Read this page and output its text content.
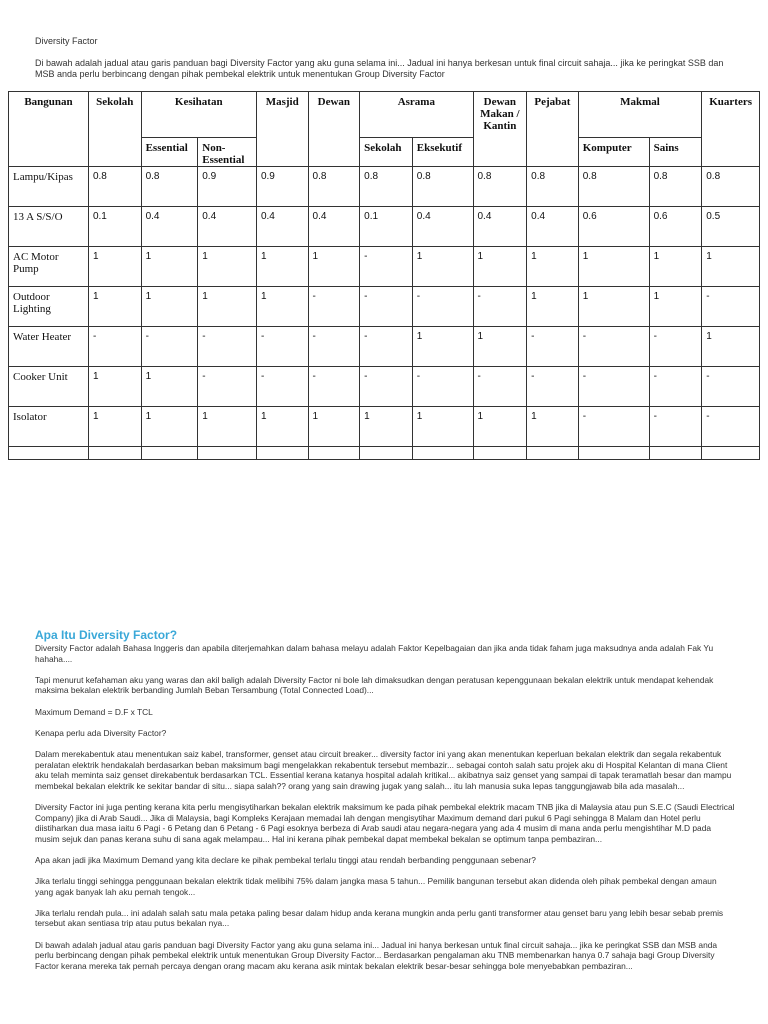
Diversity Factor
Di bawah adalah jadual atau garis panduan bagi Diversity Factor yang aku guna selama ini... Jadual ini hanya berkesan untuk final circuit sahaja... jika ke peringkat SSB dan MSB anda perlu berbincang dengan pihak pembekal elektrik untuk menentukan Group Diversity Factor
Bangunan	Sekolah	Kesihatan		Masjid	Dewan	Asrama		Dewan Makan / Kantin	Pejabat	Makmal		Kuarters
		Essential	Non-Essential			Sekolah	Eksekutif			Komputer	Sains	
Lampu/Kipas	0.8	0.8	0.9	0.9	0.8	0.8	0.8	0.8	0.8	0.8	0.8	0.8
13 A S/S/O	0.1	0.4	0.4	0.4	0.4	0.1	0.4	0.4	0.4	0.6	0.6	0.5
AC Motor Pump	1	1	1	1	1	-	1	1	1	1	1	1
Outdoor Lighting	1	1	1	1	-	-	-	-	1	1	1	-
Water Heater	-	-	-	-	-	-	1	1	-	-	-	1
Cooker Unit	1	1	-	-	-	-	-	-	-	-	-	-
Isolator	1	1	1	1	1	1	1	1	1	-	-	-

Apa Itu Diversity Factor?

Diversity Factor adalah Bahasa Inggeris dan apabila diterjemahkan dalam bahasa melayu adalah Faktor Kepelbagaian dan jika anda tidak faham juga maksudnya anda adalah Fak Yu hahaha....

Tapi menurut kefahaman aku yang waras dan akil baligh adalah Diversity Factor ni bole lah dimaksudkan dengan peratusan kepenggunaan bekalan elektrik untuk mendapat kehendak maksima bekalan elektrik berbanding Jumlah Beban Tersambung (Total Connected Load)...

Maximum Demand = D.F x TCL

Kenapa perlu ada Diversity Factor?

Dalam merekabentuk atau menentukan saiz kabel, transformer, genset atau circuit breaker... diversity factor ini yang akan menentukan keperluan bekalan elektrik dan segala rekabentuk peralatan elektrik hendakalah berdasarkan beban maksimum bagi mengelakkan rekabentuk tersebut membazir... sebagai contoh salah satu projek aku di Hospital Kelantan di mana Client aku telah meminta saiz genset direkabentuk berdasarkan TCL. Essential kerana katanya hospital adalah kritikal... akibatnya saiz genset yang sampai di tapak teramatlah besar dan mampu membekal bekalan elektrik ke sekitar bandar di situ... siapa salah?? orang yang sain drawing jugak yang salah... itu lah manusia suka lepas tanggungjawab bila ada masalah...

Diversity Factor ini juga penting kerana kita perlu mengisytiharkan bekalan elektrik maksimum ke pada pihak pembekal elektrik macam TNB jika di Malaysia atau pun S.E.C (Saudi Electrical Company) jika di Arab Saudi... Jika di Malaysia, bagi Kompleks Kerajaan memadai lah dengan mengisytihar Maximum demand dari pukul 6 Pagi sehingga 8 Malam dan Hotel perlu diistiharkan dua masa iaitu 6 Pagi - 6 Petang dan 6 Petang - 6 Pagi esoknya berbeza di Arab saudi atau negara-negara yang ada 4 musim di mana anda perlu mengishtihar M.D pada musim sejuk dan panas kerana suhu di sana agak melampau... Hal ini kerana pihak pembekal dapat membekal bekalan se optimum tanpa pembaziran...

Apa akan jadi jika Maximum Demand yang kita declare ke pihak pembekal terlalu tinggi atau rendah berbanding penggunaan sebenar?

Jika terlalu tinggi sehingga penggunaan bekalan elektrik tidak melibihi 75% dalam jangka masa 5 tahun... Pemilik bangunan tersebut akan didenda oleh pihak pembekal dengan amaun yang agak banyak lah aku pernah tengok...

Jika terlalu rendah pula... ini adalah salah satu mala petaka paling besar dalam hidup anda kerana mungkin anda perlu ganti transformer atau genset baru yang lebih besar sebab premis tersebut akan sentiasa trip atau putus bekalan nya...

Di bawah adalah jadual atau garis panduan bagi Diversity Factor yang aku guna selama ini... Jadual ini hanya berkesan untuk final circuit sahaja... jika ke peringkat SSB dan MSB anda perlu berbincang dengan pihak pembekal elektrik untuk menentukan Group Diversity Factor... Berdasarkan pengalaman aku TNB membenarkan hanya 0.7 sahaja bagi Group Diversity Factor kerana mereka tak pernah percaya dengan orang macam aku kerana asik mintak bekalan elektrik besar-besar sehingga bole menyebabkan pembaziran...
